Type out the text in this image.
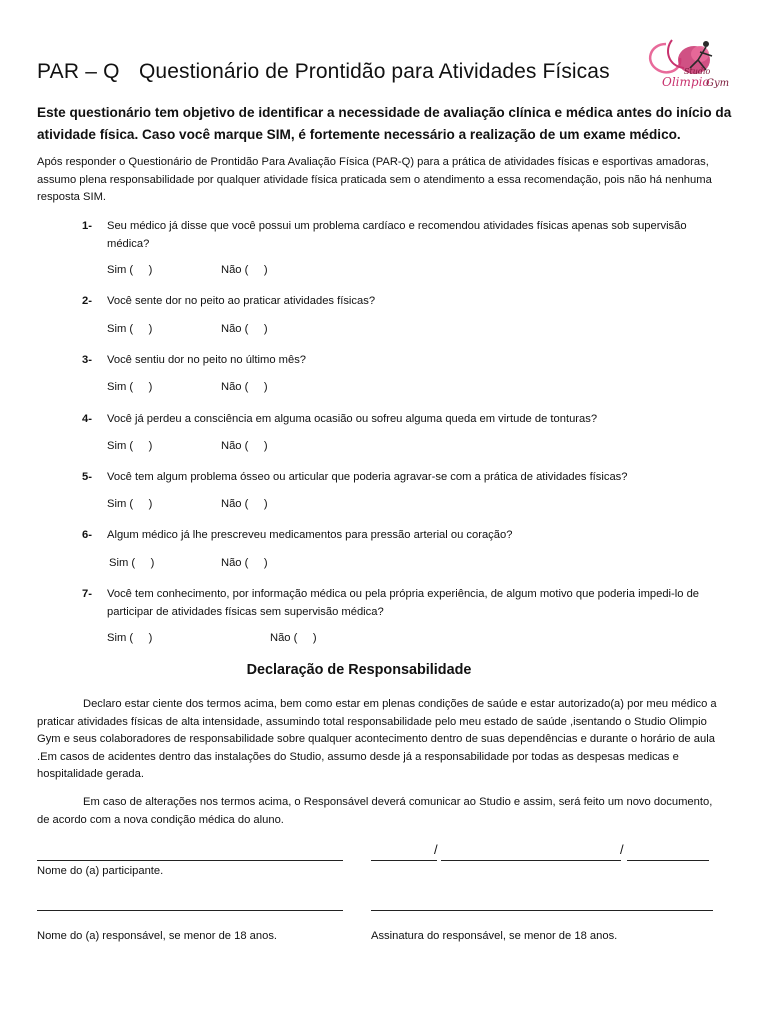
PAR – Q Questionário de Prontidão para Atividades Físicas	Studio
Olimpio
Gym
Este questionário tem objetivo de identificar a necessidade de avaliação clínica e médica antes do início da atividade física. Caso você marque SIM, é fortemente necessário a realização de um exame médico.
Após responder o Questionário de Prontidão Para Avaliação Física (PAR-Q) para a prática de atividades físicas e esportivas amadoras, assumo plena responsabilidade por qualquer atividade física praticada sem o atendimento a essa recomendação, pois não há nenhuma resposta SIM.
1-	Seu médico já disse que você possui um problema cardíaco e recomendou atividades físicas apenas sob supervisão médica?
Sim (     )	Não (     )
2-	Você sente dor no peito ao praticar atividades físicas?
Sim (     )	Não (     )
3-	Você sentiu dor no peito no último mês?
Sim (     )	Não (     )
4-	Você já perdeu a consciência em alguma ocasião ou sofreu alguma queda em virtude de tonturas?
Sim (     )	Não (     )
5-	Você tem algum problema ósseo ou articular que poderia agravar-se com a prática de atividades físicas?
Sim (     )	Não (     )
6-	Algum médico já lhe prescreveu medicamentos para pressão arterial ou coração?
Sim (     )	Não (     )
7-	Você tem conhecimento, por informação médica ou pela própria experiência, de algum motivo que poderia impedi-lo de participar de atividades físicas sem supervisão médica?
Sim (     )	Não (     )
Declaração de Responsabilidade
Declaro estar ciente dos termos acima, bem como estar em plenas condições de saúde e estar autorizado(a) por meu médico a praticar atividades físicas de alta intensidade, assumindo total responsabilidade pelo meu estado de saúde ,isentando o Studio Olimpio Gym e seus colaboradores de responsabilidade sobre qualquer acontecimento dentro de suas dependências e durante o horário de aula .Em casos de acidentes dentro das instalações do Studio, assumo desde já a responsabilidade por todas as despesas medicas e hospitalidade gerada.
Em caso de alterações nos termos acima, o Responsável deverá comunicar ao Studio e assim, será feito um novo documento, de acordo com a nova condição médica do aluno.
/	/
Nome do (a) participante.
Nome do (a) responsável, se menor de 18 anos.	Assinatura do responsável, se menor de 18 anos.
